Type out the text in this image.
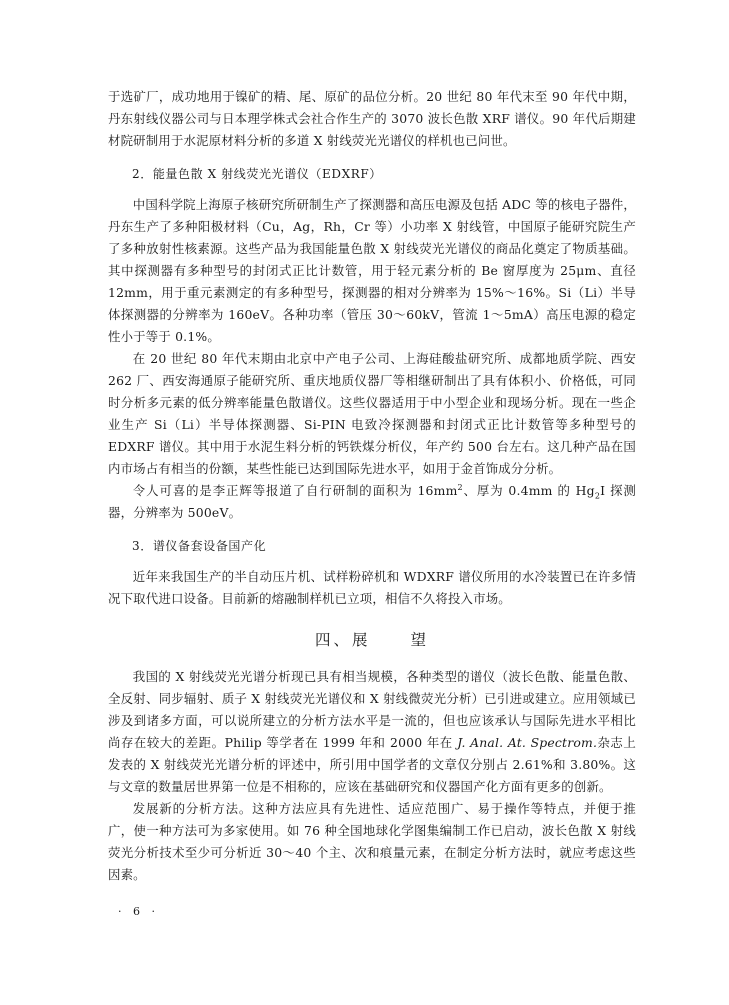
于选矿厂，成功地用于镍矿的精、尾、原矿的品位分析。20 世纪 80 年代末至 90 年代中期，丹东射线仪器公司与日本理学株式会社合作生产的 3070 波长色散 XRF 谱仪。90 年代后期建材院研制用于水泥原材料分析的多道 X 射线荧光光谱仪的样机也已问世。

2．能量色散 X 射线荧光光谱仪（EDXRF）

中国科学院上海原子核研究所研制生产了探测器和高压电源及包括 ADC 等的核电子器件，丹东生产了多种阳极材料（Cu，Ag，Rh，Cr 等）小功率 X 射线管，中国原子能研究院生产了多种放射性核素源。这些产品为我国能量色散 X 射线荧光光谱仪的商品化奠定了物质基础。其中探测器有多种型号的封闭式正比计数管，用于轻元素分析的 Be 窗厚度为 25μm、直径 12mm，用于重元素测定的有多种型号，探测器的相对分辨率为 15%～16%。Si（Li）半导体探测器的分辨率为 160eV。各种功率（管压 30～60kV，管流 1～5mA）高压电源的稳定性小于等于 0.1%。

在 20 世纪 80 年代末期由北京中产电子公司、上海硅酸盐研究所、成都地质学院、西安 262 厂、西安海通原子能研究所、重庆地质仪器厂等相继研制出了具有体积小、价格低，可同时分析多元素的低分辨率能量色散谱仪。这些仪器适用于中小型企业和现场分析。现在一些企业生产 Si（Li）半导体探测器、Si-PIN 电致冷探测器和封闭式正比计数管等多种型号的 EDXRF 谱仪。其中用于水泥生料分析的钙铁煤分析仪，年产约 500 台左右。这几种产品在国内市场占有相当的份额，某些性能已达到国际先进水平，如用于金首饰成分分析。

令人可喜的是李正辉等报道了自行研制的面积为 $16mm^2$、厚为 0.4mm 的 $Hg_2I$ 探测器，分辨率为 500eV。

3．谱仪备套设备国产化

近年来我国生产的半自动压片机、试样粉碎机和 WDXRF 谱仪所用的水冷装置已在许多情况下取代进口设备。目前新的熔融制样机已立项，相信不久将投入市场。

四、展	望

我国的 X 射线荧光光谱分析现已具有相当规模，各种类型的谱仪（波长色散、能量色散、全反射、同步辐射、质子 X 射线荧光光谱仪和 X 射线微荧光分析）已引进或建立。应用领域已涉及到诸多方面，可以说所建立的分析方法水平是一流的，但也应该承认与国际先进水平相比尚存在较大的差距。Philip 等学者在 1999 年和 2000 年在 J. Anal. At. Spectrom.杂志上发表的 X 射线荧光光谱分析的评述中，所引用中国学者的文章仅分别占 2.61%和 3.80%。这与文章的数量居世界第一位是不相称的，应该在基础研究和仪器国产化方面有更多的创新。

发展新的分析方法。这种方法应具有先进性、适应范围广、易于操作等特点，并便于推广，使一种方法可为多家使用。如 76 种全国地球化学图集编制工作已启动，波长色散 X 射线荧光分析技术至少可分析近 30～40 个主、次和痕量元素，在制定分析方法时，就应考虑这些因素。

· 6 ·
